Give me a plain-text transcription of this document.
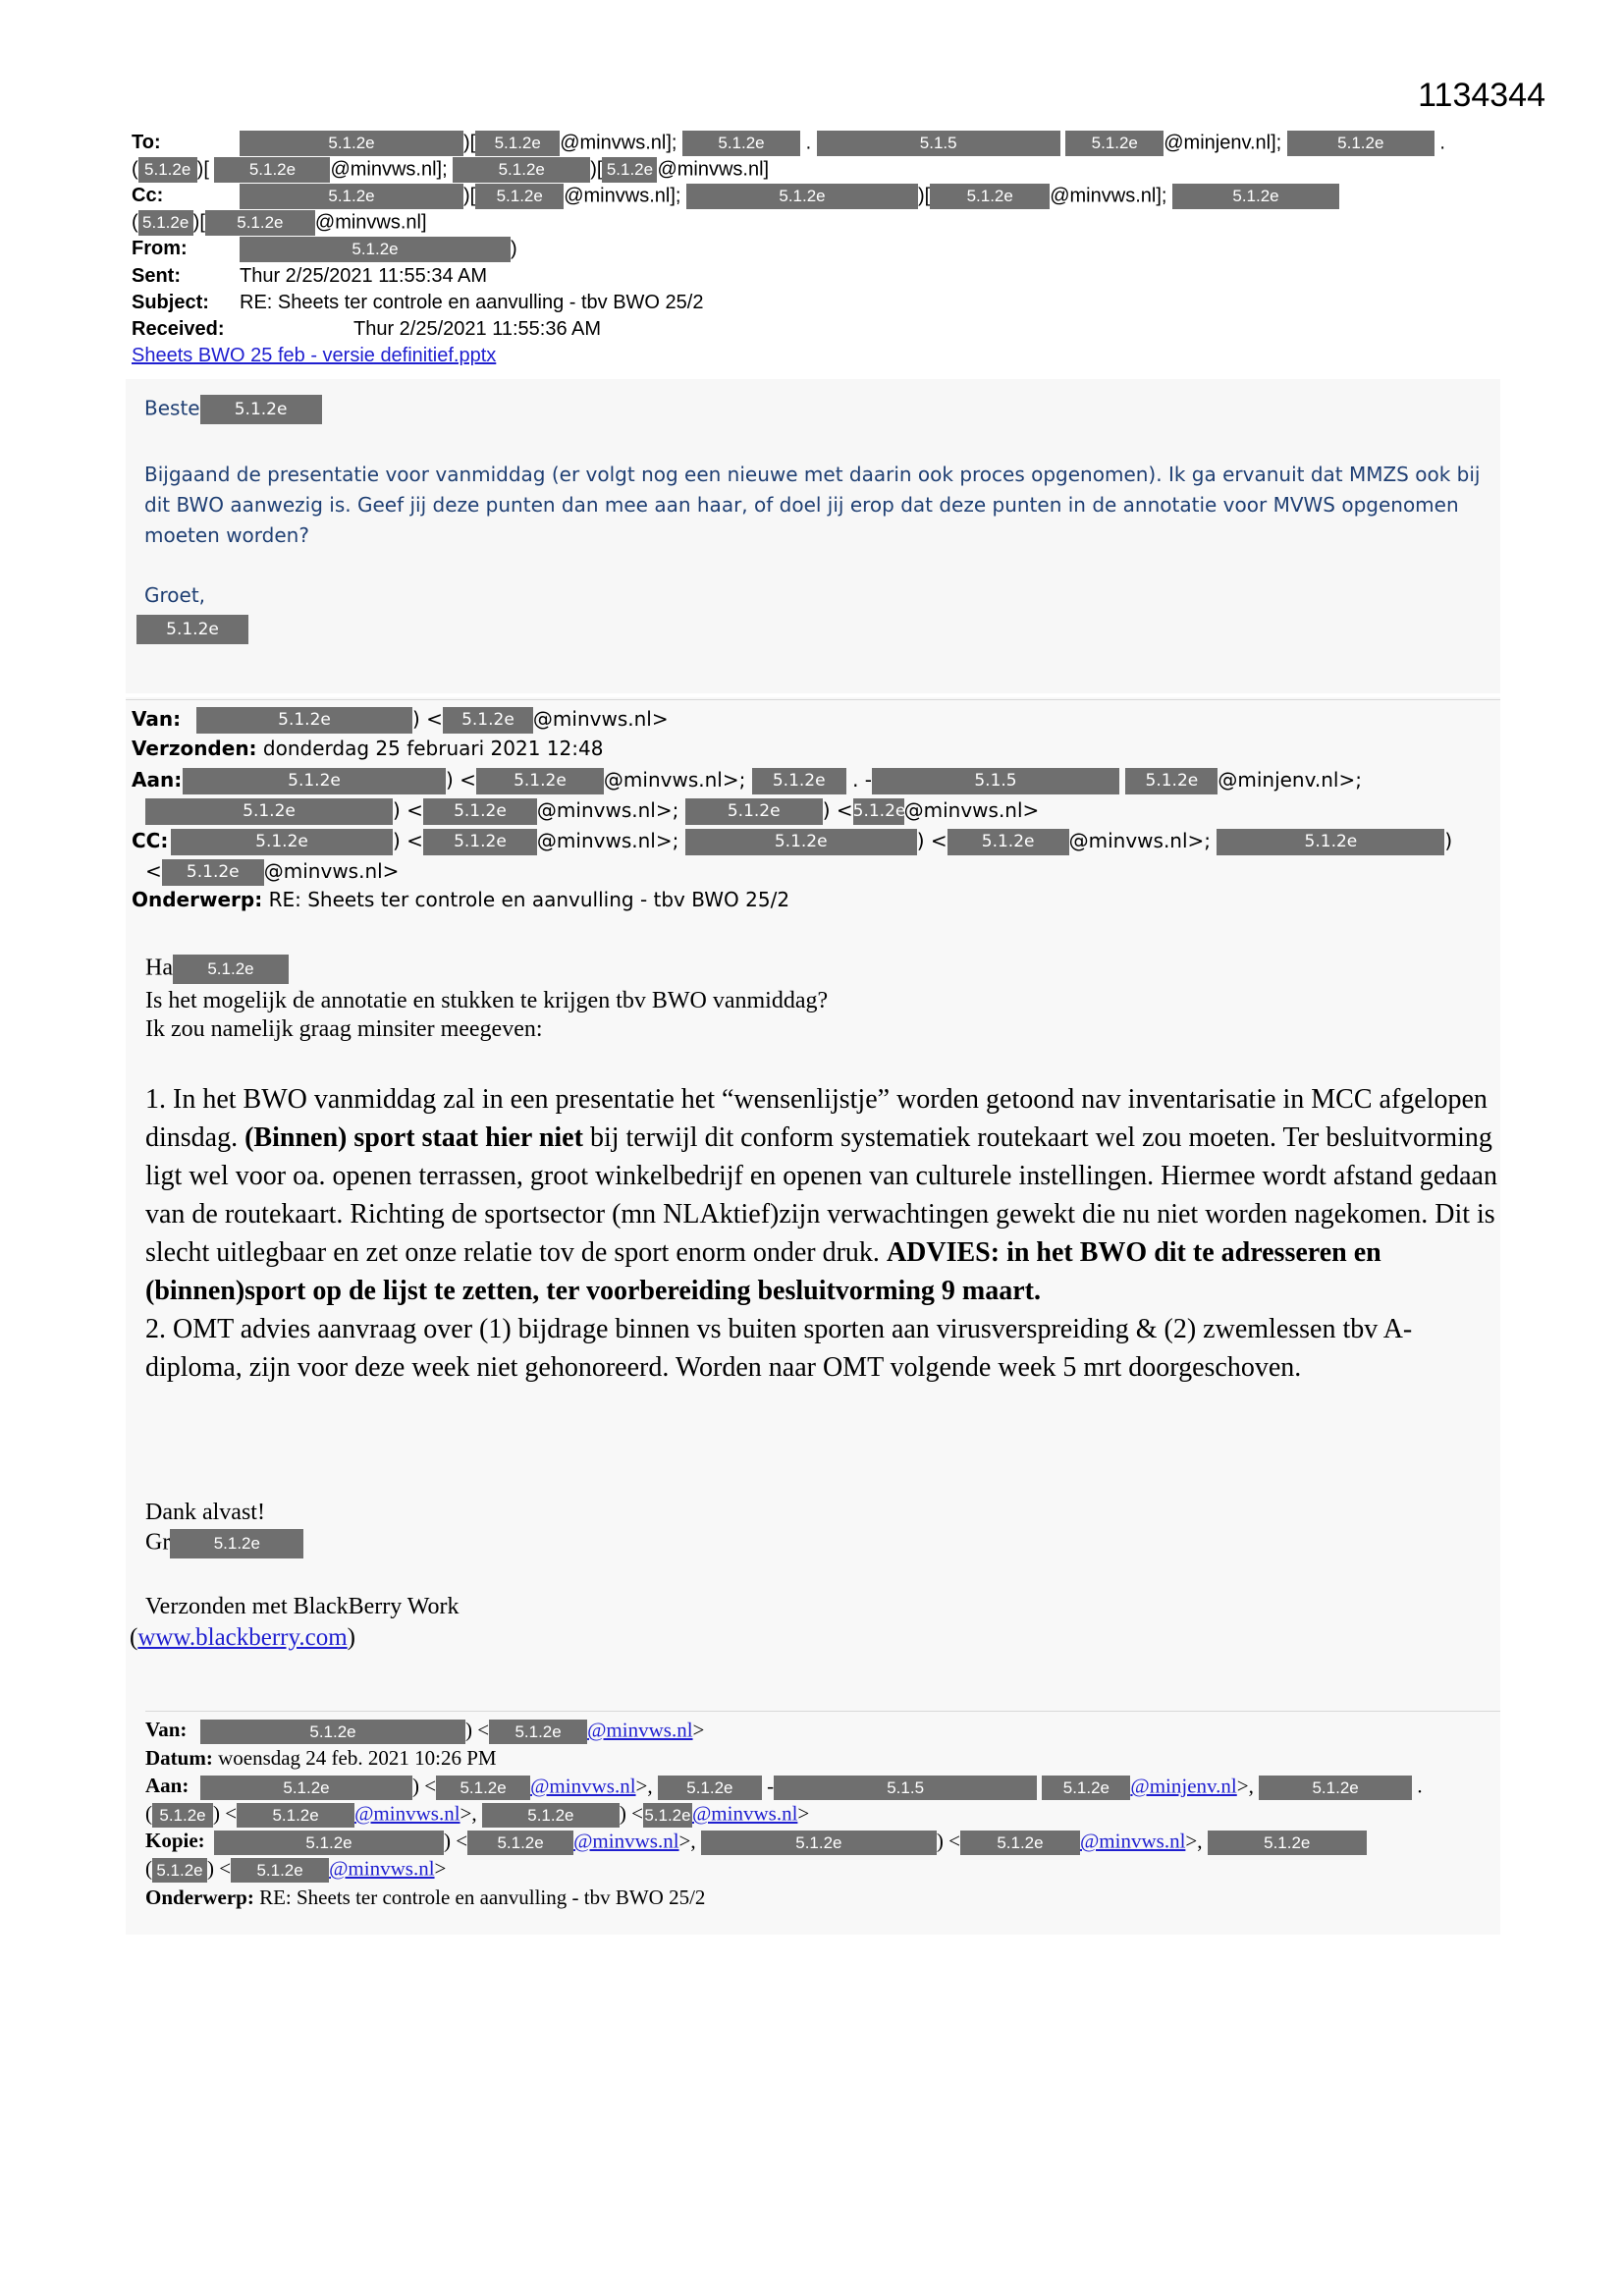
1134344
To:	5.1.2e	)[ 5.1.2e @minvws.nl]; 5.1.2e .	5.1.5	5.1.2e @minjenv.nl];	5.1.2e	.
( 5.1.2e )[ 5.1.2e @minvws.nl];	5.1.2e )[ 5.1.2e @minvws.nl]
Cc:	5.1.2e	)[ 5.1.2e @minvws.nl];	5.1.2e	)[ 5.1.2e @minvws.nl];	5.1.2e
( 5.1.2e )[ 5.1.2e @minvws.nl]
From:	5.1.2e	)
Sent:	Thur 2/25/2021 11:55:34 AM
Subject: RE: Sheets ter controle en aanvulling - tbv BWO 25/2
Received:	Thur 2/25/2021 11:55:36 AM
Sheets BWO 25 feb - versie definitief.pptx
Beste 5.1.2e
Bijgaand de presentatie voor vanmiddag (er volgt nog een nieuwe met daarin ook proces opgenomen). Ik ga ervanuit dat MMZS ook bij dit BWO aanwezig is. Geef jij deze punten dan mee aan haar, of doel jij erop dat deze punten in de annotatie voor MVWS opgenomen moeten worden?
Groet,
5.1.2e
Van:	5.1.2e	) < 5.1.2e @minvws.nl>
Verzonden: donderdag 25 februari 2021 12:48
Aan:	5.1.2e	) < 5.1.2e @minvws.nl>; 5.1.2e . -	5.1.5	5.1.2e @minjenv.nl>;
5.1.2e	) < 5.1.2e @minvws.nl>;	5.1.2e ) <5.1.2e@minvws.nl>
CC:	5.1.2e	) < 5.1.2e @minvws.nl>;	5.1.2e	) < 5.1.2e @minvws.nl>;	5.1.2e	)
< 5.1.2e @minvws.nl>
Onderwerp: RE: Sheets ter controle en aanvulling - tbv BWO 25/2
Ha 5.1.2e
Is het mogelijk de annotatie en stukken te krijgen tbv BWO vanmiddag?
Ik zou namelijk graag minsiter meegeven:
1. In het BWO vanmiddag zal in een presentatie het “wensenlijstje” worden getoond nav inventarisatie in MCC afgelopen dinsdag. (Binnen) sport staat hier niet bij terwijl dit conform systematiek routekaart wel zou moeten. Ter besluitvorming ligt wel voor oa. openen terrassen, groot winkelbedrijf en openen van culturele instellingen. Hiermee wordt afstand gedaan van de routekaart. Richting de sportsector (mn NLAktief)zijn verwachtingen gewekt die nu niet worden nagekomen. Dit is slecht uitlegbaar en zet onze relatie tov de sport enorm onder druk. ADVIES: in het BWO dit te adresseren en (binnen)sport op de lijst te zetten, ter voorbereiding besluitvorming 9 maart.
2. OMT advies aanvraag over (1) bijdrage binnen vs buiten sporten aan virusverspreiding & (2) zwemlessen tbv A-diploma, zijn voor deze week niet gehonoreerd. Worden naar OMT volgende week 5 mrt doorgeschoven.
Dank alvast!
Gr	5.1.2e
Verzonden met BlackBerry Work
(www.blackberry.com)
Van:	5.1.2e	) < 5.1.2e @minvws.nl>
Datum: woensdag 24 feb. 2021 10:26 PM
Aan:	5.1.2e	) < 5.1.2e @minvws.nl>, 5.1.2e -	5.1.5	5.1.2e @minjenv.nl>,	5.1.2e	.
( 5.1.2e ) < 5.1.2e @minvws.nl>,	5.1.2e ) <5.1.2e@minvws.nl>
Kopie:	5.1.2e	) < 5.1.2e @minvws.nl>,	5.1.2e	) < 5.1.2e @minvws.nl>,	5.1.2e
( 5.1.2e ) < 5.1.2e @minvws.nl>
Onderwerp: RE: Sheets ter controle en aanvulling - tbv BWO 25/2
